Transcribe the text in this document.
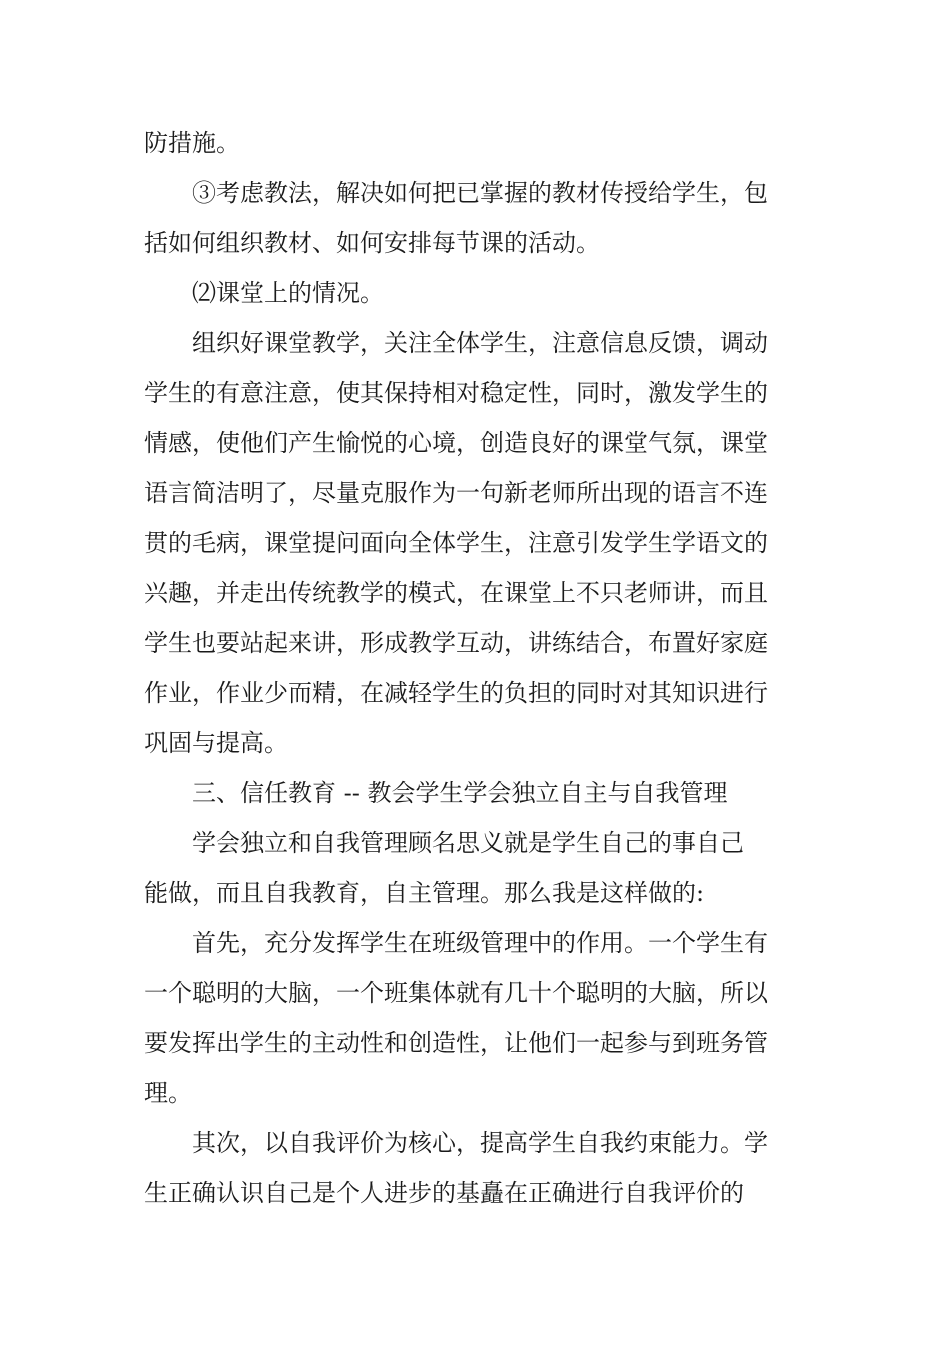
防措施。
③考虑教法，解决如何把已掌握的教材传授给学生，包
括如何组织教材、如何安排每节课的活动。
⑵课堂上的情况。
组织好课堂教学，关注全体学生，注意信息反馈，调动
学生的有意注意，使其保持相对稳定性，同时，激发学生的
情感，使他们产生愉悦的心境，创造良好的课堂气氛，课堂
语言简洁明了，尽量克服作为一句新老师所出现的语言不连
贯的毛病，课堂提问面向全体学生，注意引发学生学语文的
兴趣，并走出传统教学的模式，在课堂上不只老师讲，而且
学生也要站起来讲，形成教学互动，讲练结合，布置好家庭
作业，作业少而精，在减轻学生的负担的同时对其知识进行
巩固与提高。
三、信任教育 -- 教会学生学会独立自主与自我管理
学会独立和自我管理顾名思义就是学生自己的事自己
能做，而且自我教育，自主管理。那么我是这样做的:
首先，充分发挥学生在班级管理中的作用。一个学生有
一个聪明的大脑，一个班集体就有几十个聪明的大脑，所以
要发挥出学生的主动性和创造性，让他们一起参与到班务管
理。
其次，以自我评价为核心，提高学生自我约束能力。学
生正确认识自己是个人进步的基矗在正确进行自我评价的
